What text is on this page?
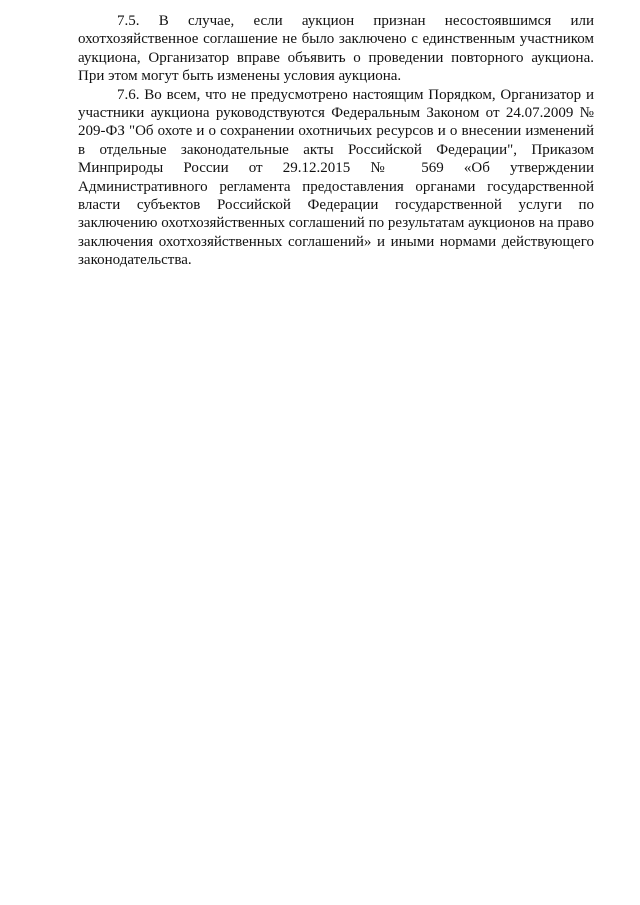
7.5. В случае, если аукцион признан несостоявшимся или охотхозяйственное соглашение не было заключено с единственным участником аукциона, Организатор вправе объявить о проведении повторного аукциона. При этом могут быть изменены условия аукциона.

7.6. Во всем, что не предусмотрено настоящим Порядком, Организатор и участники аукциона руководствуются Федеральным Законом от 24.07.2009 № 209-ФЗ "Об охоте и о сохранении охотничьих ресурсов и о внесении изменений в отдельные законодательные акты Российской Федерации", Приказом Минприроды России от 29.12.2015 № 569 «Об утверждении Административного регламента предоставления органами государственной власти субъектов Российской Федерации государственной услуги по заключению охотхозяйственных соглашений по результатам аукционов на право заключения охотхозяйственных соглашений» и иными нормами действующего законодательства.
